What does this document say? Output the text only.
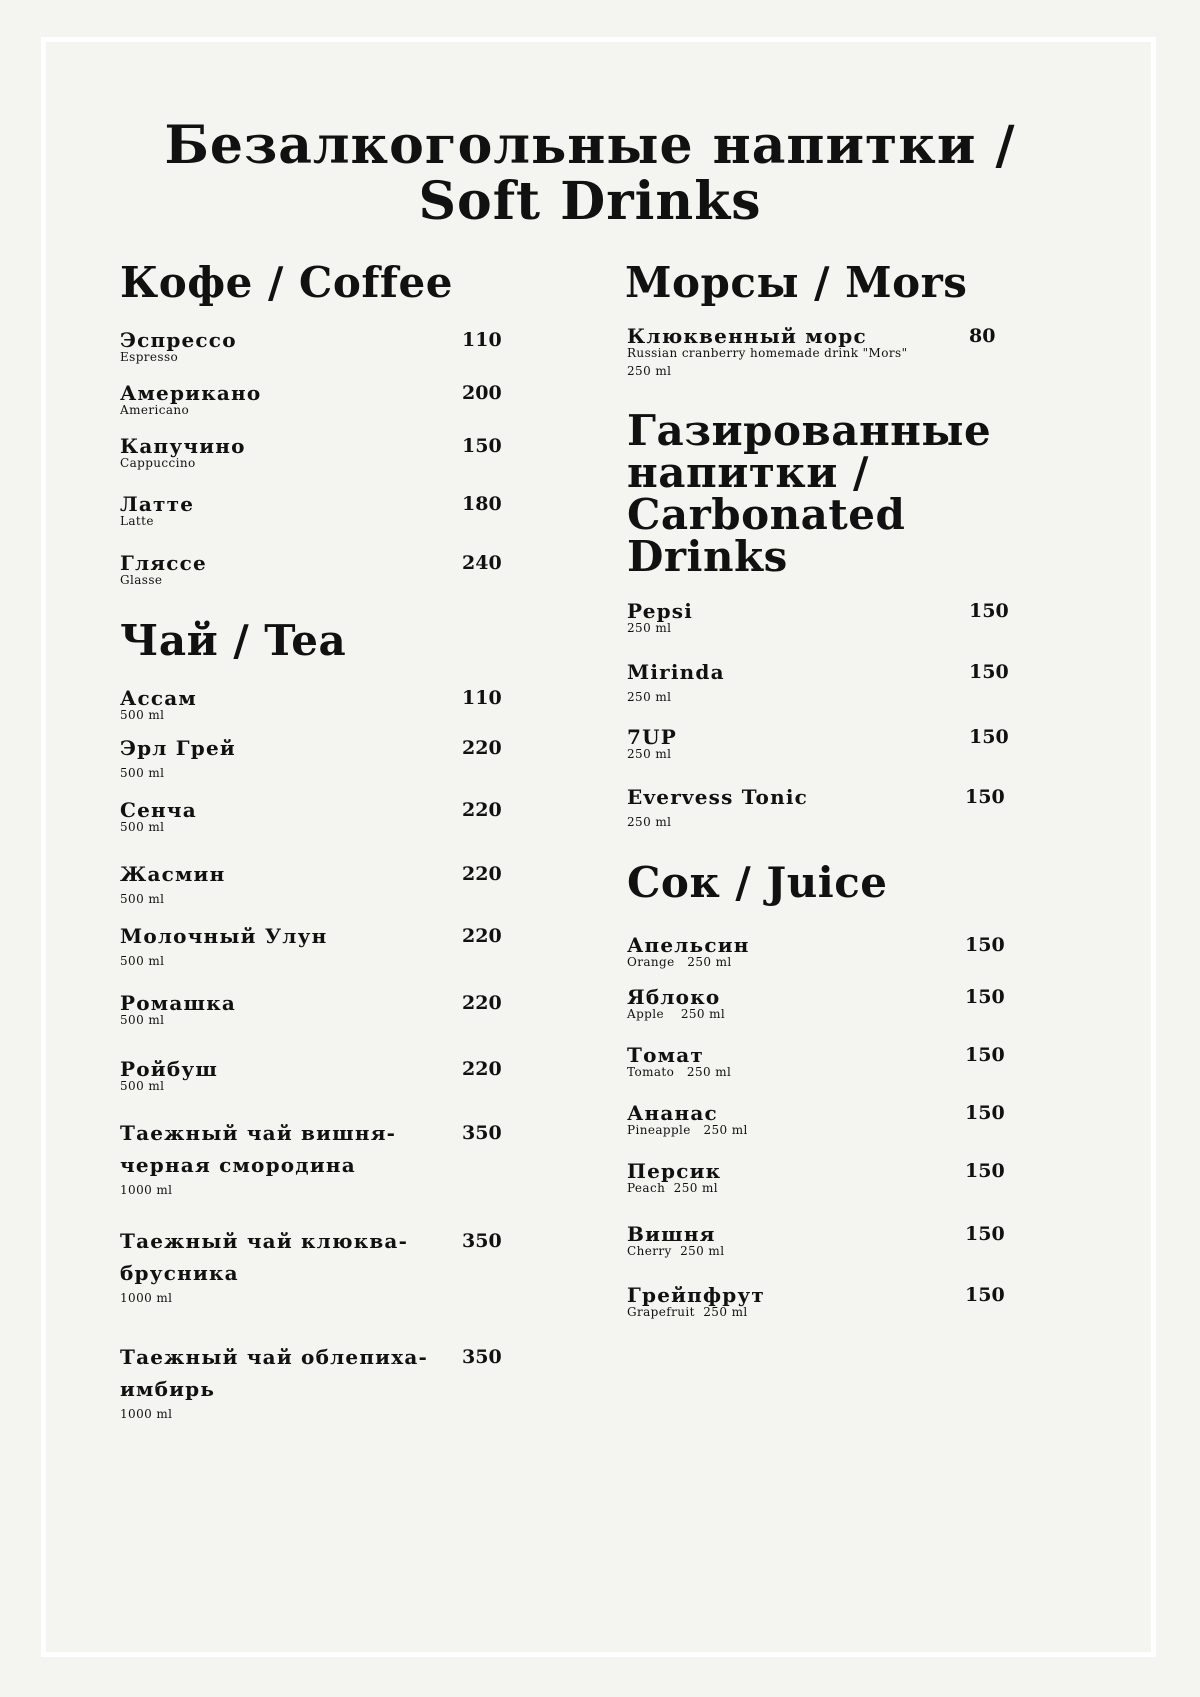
Безалкогольные напитки /
Soft Drinks
Кофе / Coffee
Эспрессо
Espresso
110
Американо
Americano
200
Капучино
Cappuccino
150
Латте
Latte
180
Гляссе
Glasse
240
Чай / Tea
Ассам
500 ml
110
Эрл Грей
500 ml
220
Сенча
500 ml
220
Жасмин
500 ml
220
Молочный Улун
500 ml
220
Ромашка
500 ml
220
Ройбуш
500 ml
220
Таежный чай вишня-черная смородина
1000 ml
350
Таежный чай клюква-брусника
1000 ml
350
Таежный чай облепиха-имбирь
1000 ml
350
Морсы / Mors
Клюквенный морс
Russian cranberry homemade drink "Mors"
250 ml
80
Газированные напитки / Carbonated Drinks
Pepsi
250 ml
150
Mirinda
250 ml
150
7UP
250 ml
150
Evervess Tonic
250 ml
150
Сок / Juice
Апельсин
Orange   250 ml
150
Яблоко
Apple    250 ml
150
Томат
Tomato   250 ml
150
Ананас
Pineapple   250 ml
150
Персик
Peach  250 ml
150
Вишня
Cherry  250 ml
150
Грейпфрут
Grapefruit  250 ml
150
